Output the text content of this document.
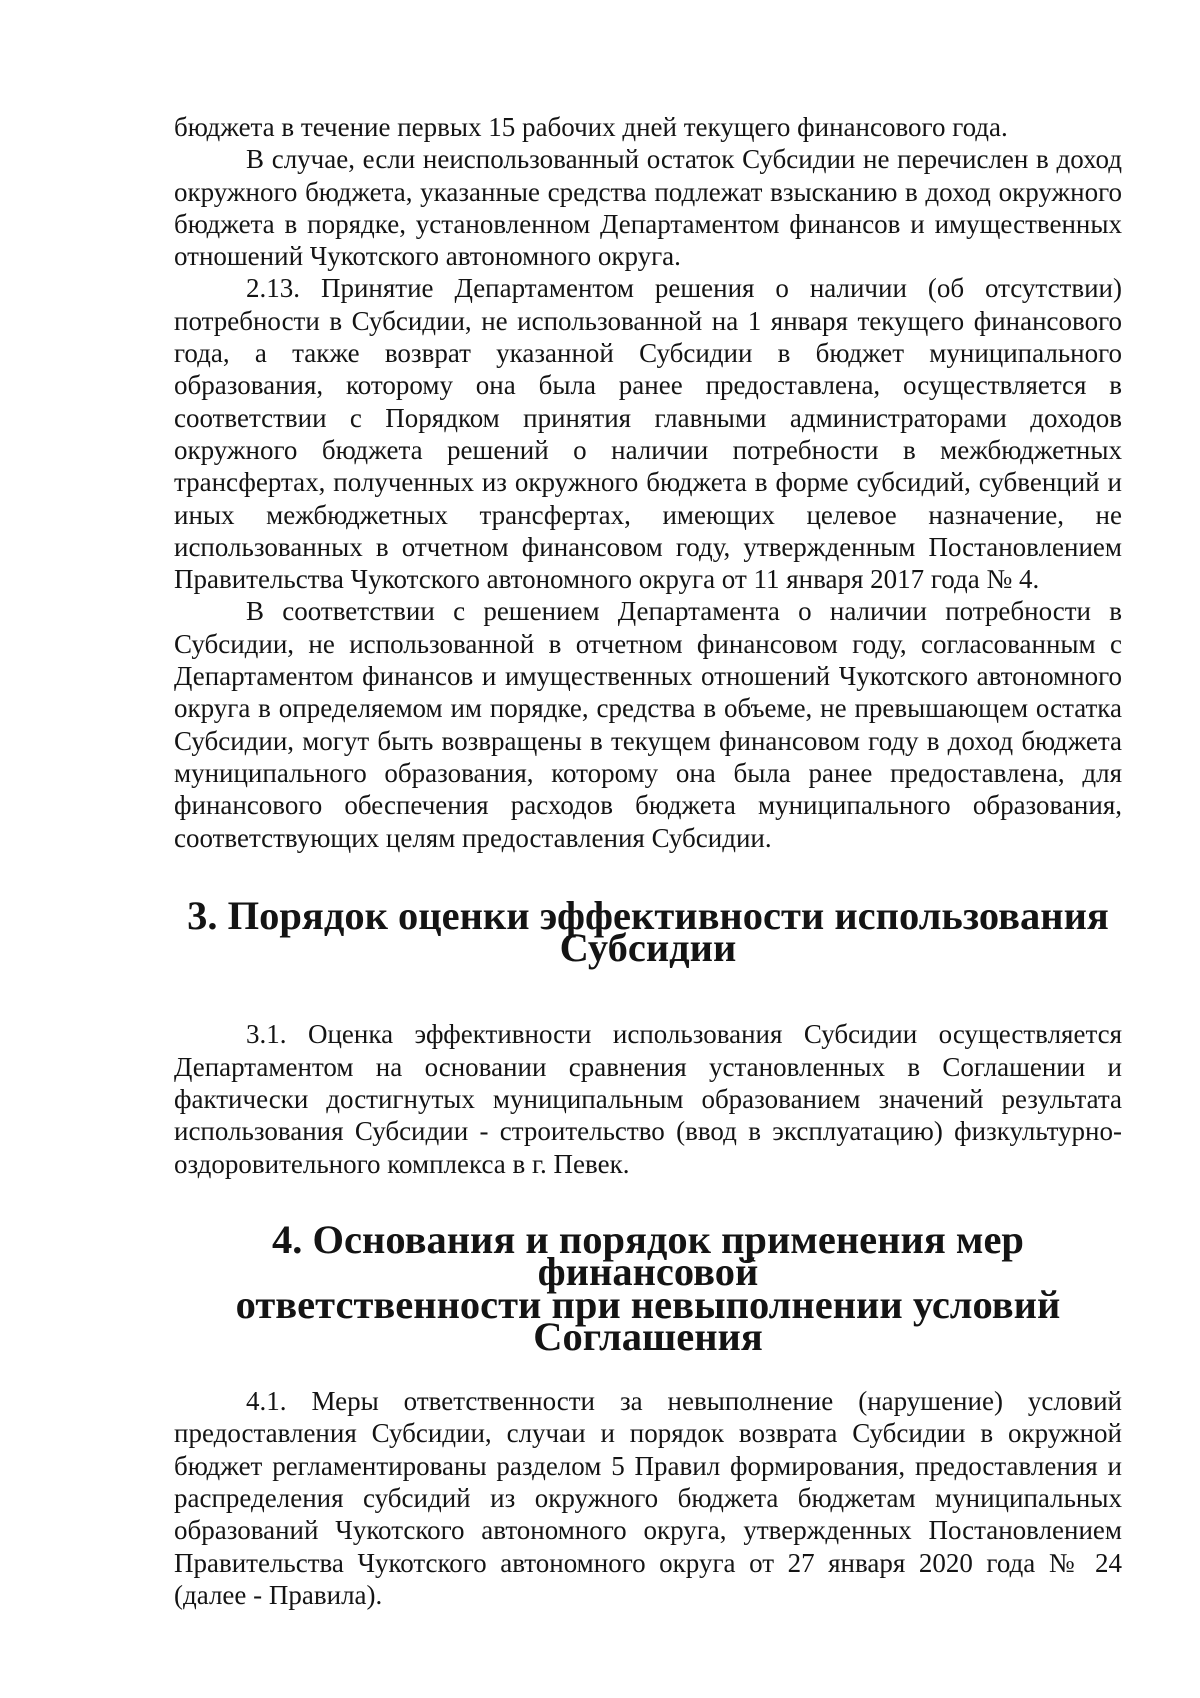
бюджета в течение первых 15 рабочих дней текущего финансового года.

В случае, если неиспользованный остаток Субсидии не перечислен в доход окружного бюджета, указанные средства подлежат взысканию в доход окружного бюджета в порядке, установленном Департаментом финансов и имущественных отношений Чукотского автономного округа.

2.13. Принятие Департаментом решения о наличии (об отсутствии) потребности в Субсидии, не использованной на 1 января текущего финансового года, а также возврат указанной Субсидии в бюджет муниципального образования, которому она была ранее предоставлена, осуществляется в соответствии с Порядком принятия главными администраторами доходов окружного бюджета решений о наличии потребности в межбюджетных трансфертах, полученных из окружного бюджета в форме субсидий, субвенций и иных межбюджетных трансфертах, имеющих целевое назначение, не использованных в отчетном финансовом году, утвержденным Постановлением Правительства Чукотского автономного округа от 11 января 2017 года № 4.

В соответствии с решением Департамента о наличии потребности в Субсидии, не использованной в отчетном финансовом году, согласованным с Департаментом финансов и имущественных отношений Чукотского автономного округа в определяемом им порядке, средства в объеме, не превышающем остатка Субсидии, могут быть возвращены в текущем финансовом году в доход бюджета муниципального образования, которому она была ранее предоставлена, для финансового обеспечения расходов бюджета муниципального образования, соответствующих целям предоставления Субсидии.

3. Порядок оценки эффективности использования Субсидии

3.1. Оценка эффективности использования Субсидии осуществляется Департаментом на основании сравнения установленных в Соглашении и фактически достигнутых муниципальным образованием значений результата использования Субсидии - строительство (ввод в эксплуатацию) физкультурно-оздоровительного комплекса в г. Певек.

4. Основания и порядок применения мер финансовой
ответственности при невыполнении условий Соглашения

4.1. Меры ответственности за невыполнение (нарушение) условий предоставления Субсидии, случаи и порядок возврата Субсидии в окружной бюджет регламентированы разделом 5 Правил формирования, предоставления и распределения субсидий из окружного бюджета бюджетам муниципальных образований Чукотского автономного округа, утвержденных Постановлением Правительства Чукотского автономного округа от 27 января 2020 года № 24 (далее - Правила).
